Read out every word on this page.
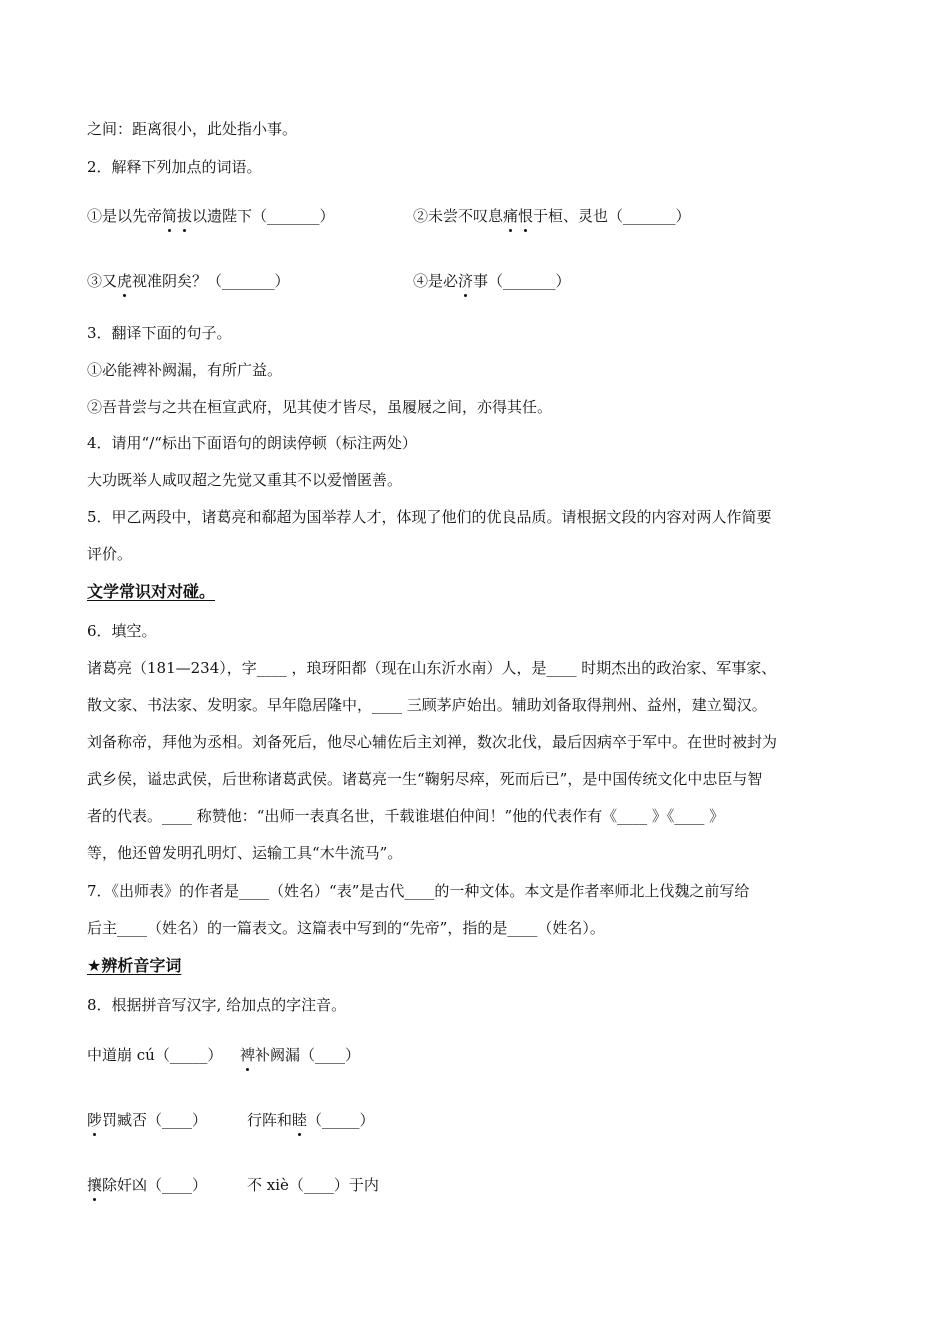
之间：距离很小，此处指小事。
2．解释下列加点的词语。
①是以先帝简拔以遗陛下（_______）	②未尝不叹息痛恨于桓、灵也（_______）
③又虎视准阴矣？（_______）	④是必济事（_______）
3．翻译下面的句子。
①必能裨补阙漏，有所广益。
②吾昔尝与之共在桓宣武府，见其使才皆尽，虽履屐之间，亦得其任。
4．请用“/“标出下面语句的朗读停顿（标注两处）
大功既举人咸叹超之先觉又重其不以爱憎匿善。
5．甲乙两段中，诸葛亮和郗超为国举荐人才，体现了他们的优良品质。请根据文段的内容对两人作简要
评价。
文学常识对对碰。
6．填空。
诸葛亮（181—234），字____ ，琅玡阳都（现在山东沂水南）人，是____ 时期杰出的政治家、军事家、
散文家、书法家、发明家。早年隐居隆中，____ 三顾茅庐始出。辅助刘备取得荆州、益州，建立蜀汉。
刘备称帝，拜他为丞相。刘备死后，他尽心辅佐后主刘禅，数次北伐，最后因病卒于军中。在世时被封为
武乡侯，谥忠武侯，后世称诸葛武侯。诸葛亮一生“鞠躬尽瘁，死而后已”，是中国传统文化中忠臣与智
者的代表。____ 称赞他：“出师一表真名世，千载谁堪伯仲间！”他的代表作有《____ 》《____ 》
等，他还曾发明孔明灯、运输工具“木牛流马”。
7．《出师表》的作者是____（姓名）“表”是古代____的一种文体。本文是作者率师北上伐魏之前写给
后主____（姓名）的一篇表文。这篇表中写到的“先帝”，指的是____（姓名）。
★辨析音字词
8．根据拼音写汉字, 给加点的字注音。
中道崩 cú（_____） 裨补阙漏（____）
陟罚臧否（____）	行阵和睦（_____）
攘除奸凶（____）	不 xiè（____）于内
